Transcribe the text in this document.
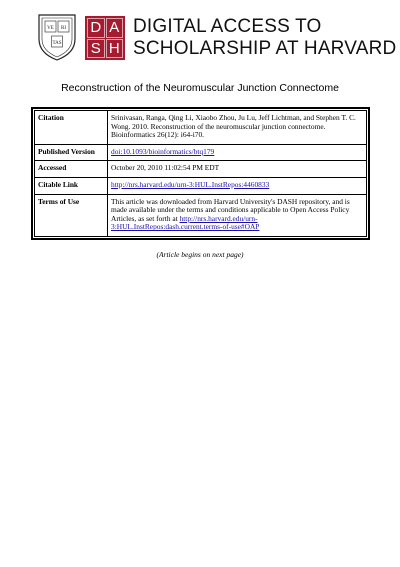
VE RI
TAS
D A
S H
DIGITAL ACCESS TO
SCHOLARSHIP AT HARVARD
Reconstruction of the Neuromuscular Junction Connectome
Citation	Srinivasan, Ranga, Qing Li, Xiaobo Zhou, Ju Lu, Jeff Lichtman, and Stephen T. C. Wong. 2010. Reconstruction of the neuromuscular junction connectome. Bioinformatics 26(12): i64-i70.
Published Version	doi:10.1093/bioinformatics/btq179
Accessed	October 20, 2010 11:02:54 PM EDT
Citable Link	http://nrs.harvard.edu/urn-3:HUL.InstRepos:4460833
Terms of Use	This article was downloaded from Harvard University's DASH repository, and is made available under the terms and conditions applicable to Open Access Policy Articles, as set forth at http://nrs.harvard.edu/urn-3:HUL.InstRepos:dash.current.terms-of-use#OAP
(Article begins on next page)
